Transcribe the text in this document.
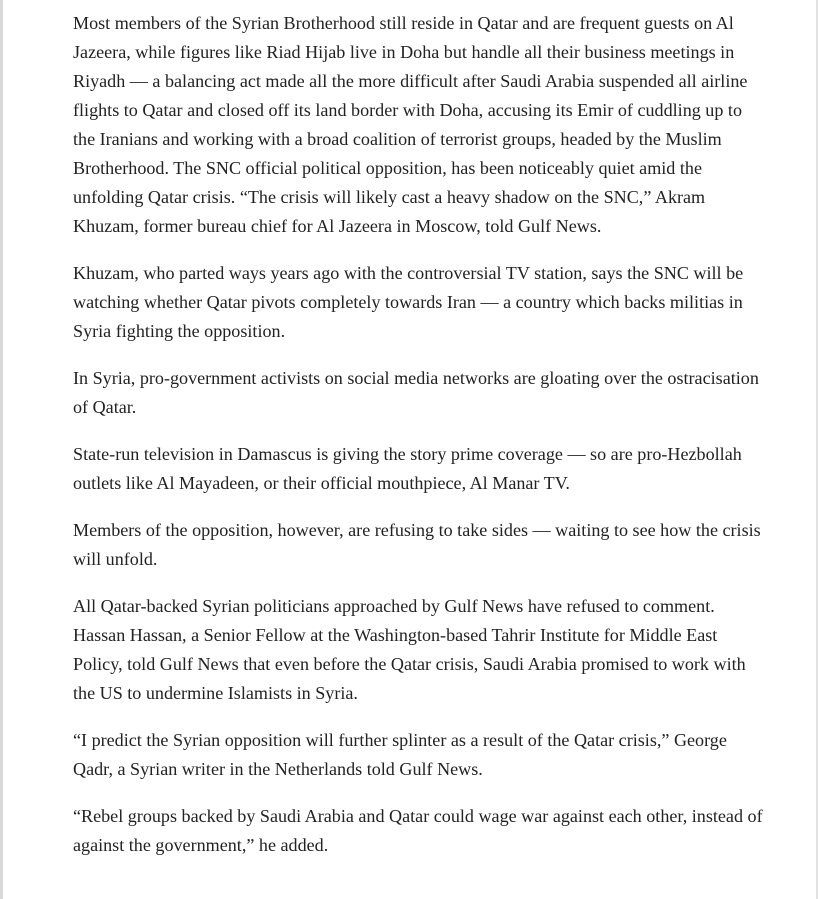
Most members of the Syrian Brotherhood still reside in Qatar and are frequent guests on Al Jazeera, while figures like Riad Hijab live in Doha but handle all their business meetings in Riyadh — a balancing act made all the more difficult after Saudi Arabia suspended all airline flights to Qatar and closed off its land border with Doha, accusing its Emir of cuddling up to the Iranians and working with a broad coalition of terrorist groups, headed by the Muslim Brotherhood. The SNC official political opposition, has been noticeably quiet amid the unfolding Qatar crisis. “The crisis will likely cast a heavy shadow on the SNC,” Akram Khuzam, former bureau chief for Al Jazeera in Moscow, told Gulf News.

Khuzam, who parted ways years ago with the controversial TV station, says the SNC will be watching whether Qatar pivots completely towards Iran — a country which backs militias in Syria fighting the opposition.

In Syria, pro-government activists on social media networks are gloating over the ostracisation of Qatar.

State-run television in Damascus is giving the story prime coverage — so are pro-Hezbollah outlets like Al Mayadeen, or their official mouthpiece, Al Manar TV.

Members of the opposition, however, are refusing to take sides — waiting to see how the crisis will unfold.

All Qatar-backed Syrian politicians approached by Gulf News have refused to comment. Hassan Hassan, a Senior Fellow at the Washington-based Tahrir Institute for Middle East Policy, told Gulf News that even before the Qatar crisis, Saudi Arabia promised to work with the US to undermine Islamists in Syria.

“I predict the Syrian opposition will further splinter as a result of the Qatar crisis,” George Qadr, a Syrian writer in the Netherlands told Gulf News.

“Rebel groups backed by Saudi Arabia and Qatar could wage war against each other, instead of against the government,” he added.
